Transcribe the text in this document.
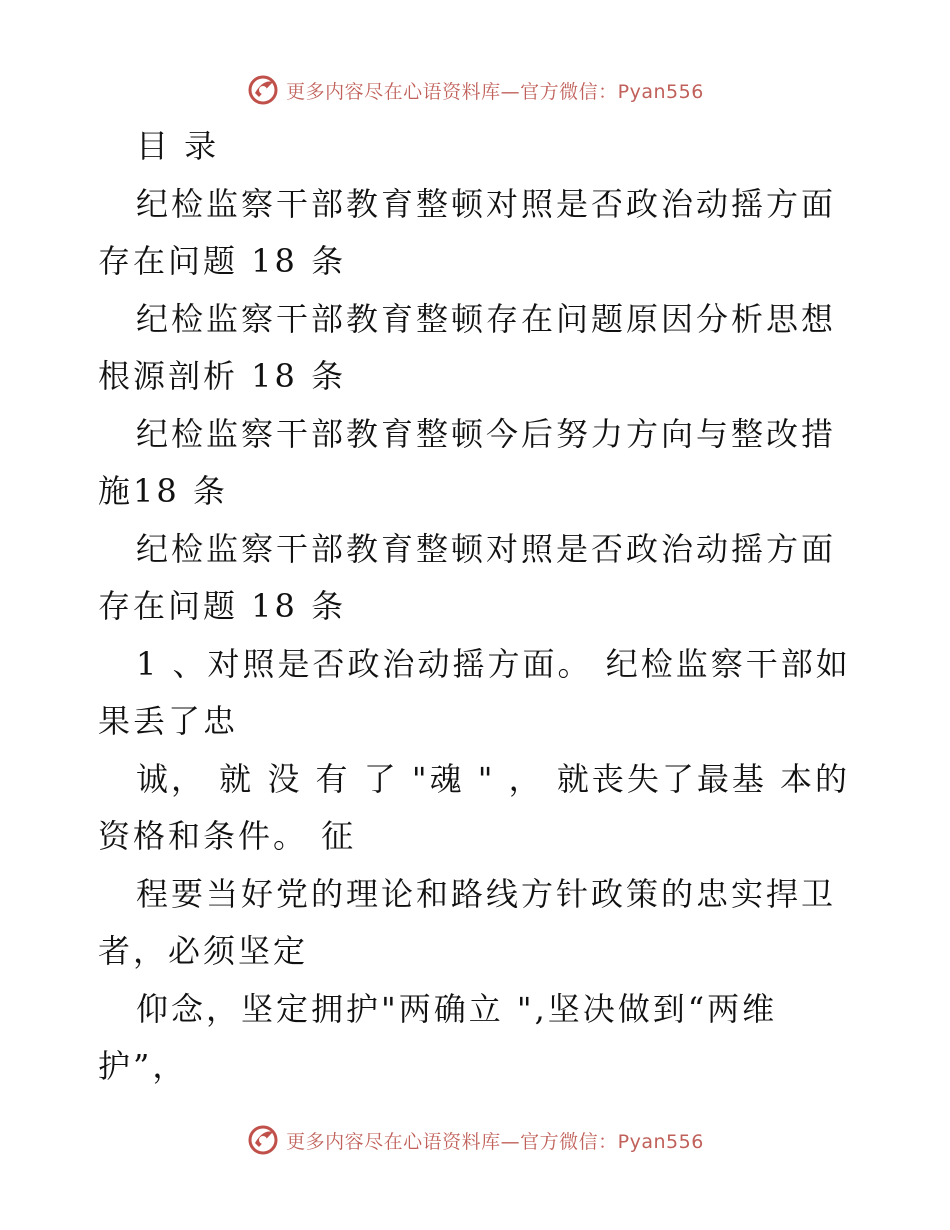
更多内容尽在心语资料库—官方微信：Pyan556

目 录

纪检监察干部教育整顿对照是否政治动摇方面存在问题 18 条

纪检监察干部教育整顿存在问题原因分析思想根源剖析 18 条

纪检监察干部教育整顿今后努力方向与整改措施18 条

纪检监察干部教育整顿对照是否政治动摇方面存在问题 18 条

1 、对照是否政治动摇方面。 纪检监察干部如果丢了忠

诚， 就 没 有 了 "魂 " ， 就丧失了最基 本的 资格和条件。 征

程要当好党的理论和路线方针政策的忠实捍卫者，必须坚定

仰念，坚定拥护"两确立 ",坚决做到“两维 护”，

更多内容尽在心语资料库—官方微信：Pyan556
